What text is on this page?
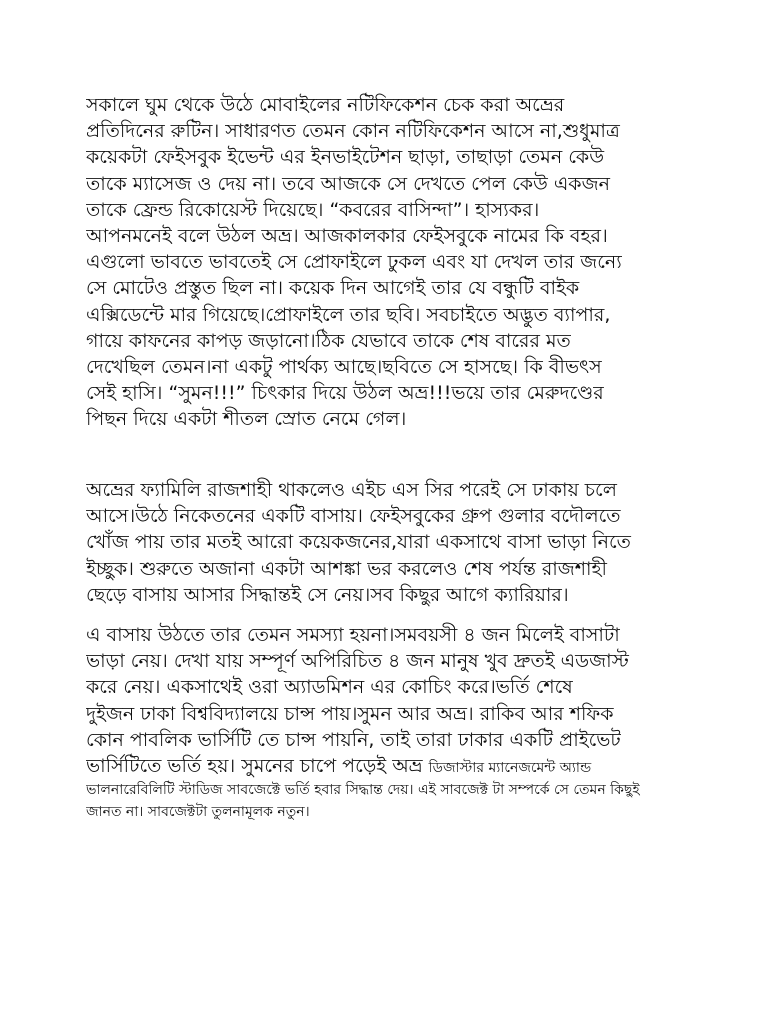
সকালে ঘুম থেকে উঠে মোবাইলের নটিফিকেশন চেক করা অভ্রের
প্রতিদিনের রুটিন। সাধারণত তেমন কোন নটিফিকেশন আসে না,শুধুমাত্র
কয়েকটা ফেইসবুক ইভেন্ট এর ইনভাইটেশন ছাড়া, তাছাড়া তেমন কেউ
তাকে ম্যাসেজ ও দেয় না। তবে আজকে সে দেখতে পেল কেউ একজন
তাকে ফ্রেন্ড রিকোয়েস্ট দিয়েছে। “কবরের বাসিন্দা”। হাস্যকর।
আপনমনেই বলে উঠল অভ্র। আজকালকার ফেইসবুকে নামের কি বহর।
এগুলো ভাবতে ভাবতেই সে প্রোফাইলে ঢুকল এবং যা দেখল তার জন্যে
সে মোটেও প্রস্তুত ছিল না। কয়েক দিন আগেই তার যে বন্ধুটি বাইক
এক্সিডেন্টে মার গিয়েছে।প্রোফাইলে তার ছবি। সবচাইতে অদ্ভুত ব্যাপার,
গায়ে কাফনের কাপড় জড়ানো।ঠিক যেভাবে তাকে শেষ বারের মত
দেখেছিল তেমন।না একটু পার্থক্য আছে।ছবিতে সে হাসছে। কি বীভৎস
সেই হাসি। “সুমন!!!” চিৎকার দিয়ে উঠল অভ্র!!!ভয়ে তার মেরুদণ্ডের
পিছন দিয়ে একটা শীতল স্রোত নেমে গেল।
অভ্রের ফ্যামিলি রাজশাহী থাকলেও এইচ এস সির পরেই সে ঢাকায় চলে
আসে।উঠে নিকেতনের একটি বাসায়। ফেইসবুকের গ্রুপ গুলার বদৌলতে
খোঁজ পায় তার মতই আরো কয়েকজনের,যারা একসাথে বাসা ভাড়া নিতে
ইচ্ছুক। শুরুতে অজানা একটা আশঙ্কা ভর করলেও শেষ পর্যন্ত রাজশাহী
ছেড়ে বাসায় আসার সিদ্ধান্তই সে নেয়।সব কিছুর আগে ক্যারিয়ার।
এ বাসায় উঠতে তার তেমন সমস্যা হয়না।সমবয়সী ৪ জন মিলেই বাসাটা
ভাড়া নেয়। দেখা যায় সম্পূর্ণ অপিরিচিত ৪ জন মানুষ খুব দ্রুতই এডজাস্ট
করে নেয়। একসাথেই ওরা অ্যাডমিশন এর কোচিং করে।ভর্তি শেষে
দুইজন ঢাকা বিশ্ববিদ্যালয়ে চান্স পায়।সুমন আর অভ্র। রাকিব আর শফিক
কোন পাবলিক ভার্সিটি তে চান্স পায়নি, তাই তারা ঢাকার একটি প্রাইভেট
ভার্সিটিতে ভর্তি হয়। সুমনের চাপে পড়েই অভ্র ডিজাস্টার ম্যানেজমেন্ট অ্যান্ড
ভালনারেবিলিটি স্টাডিজ সাবজেক্টে ভর্তি হবার সিদ্ধান্ত দেয়। এই সাবজেক্ট টা সম্পর্কে সে তেমন কিছুই
জানত না। সাবজেক্টটা তুলনামূলক নতুন।
